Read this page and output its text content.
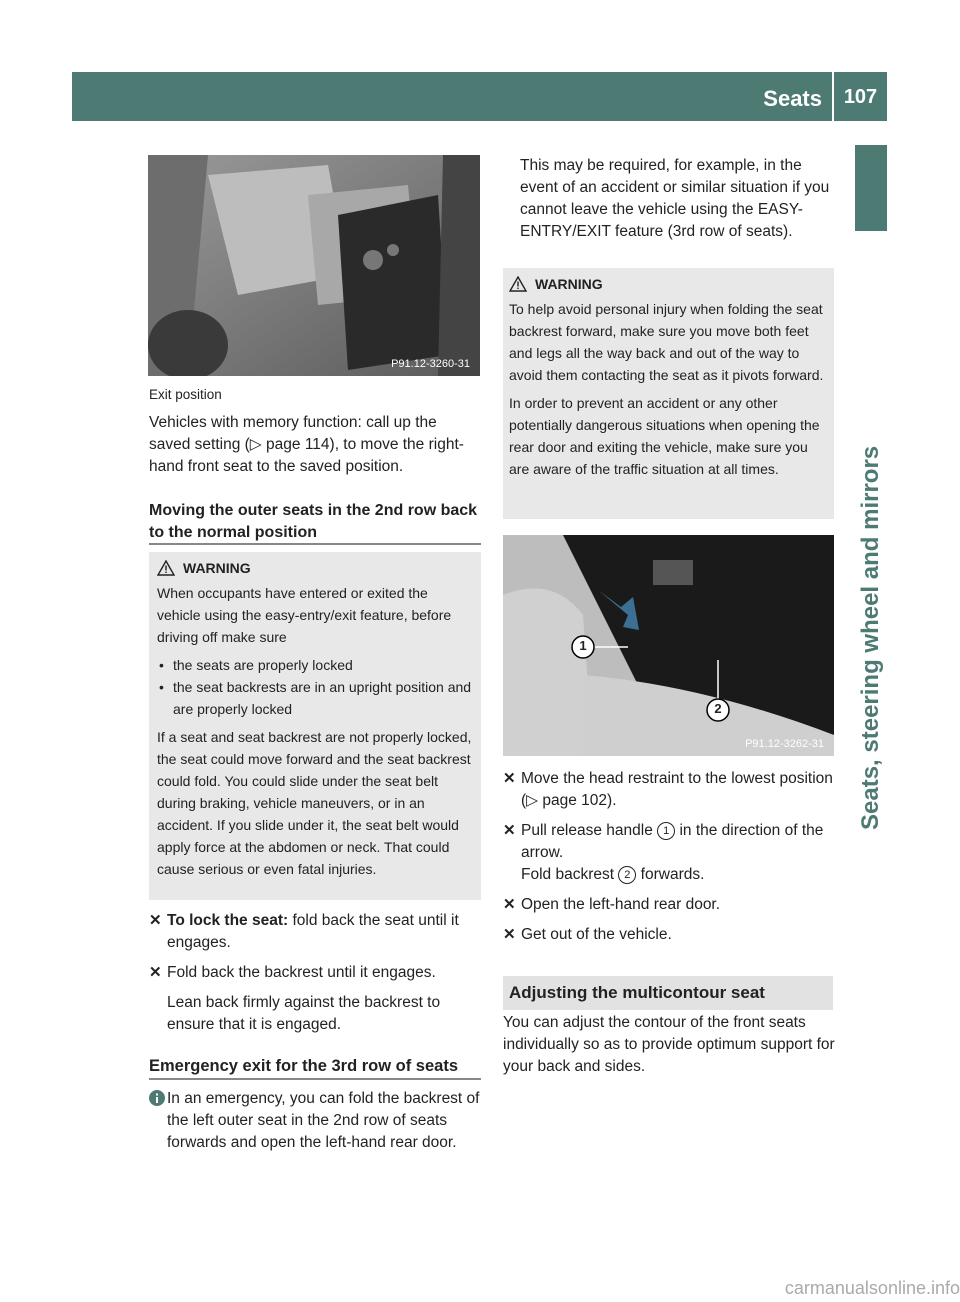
Seats 107
Seats, steering wheel and mirrors
P91.12-3260-31
Exit position
Vehicles with memory function: call up the saved setting (▷ page 114), to move the right-hand front seat to the saved position.
Moving the outer seats in the 2nd row back to the normal position
WARNING

When occupants have entered or exited the vehicle using the easy-entry/exit feature, before driving off make sure

• the seats are properly locked
• the seat backrests are in an upright position and are properly locked

If a seat and seat backrest are not properly locked, the seat could move forward and the seat backrest could fold. You could slide under the seat belt during braking, vehicle maneuvers, or in an accident. If you slide under it, the seat belt would apply force at the abdomen or neck. That could cause serious or even fatal injuries.

✕ To lock the seat: fold back the seat until it engages.
✕ Fold back the backrest until it engages.
Lean back firmly against the backrest to ensure that it is engaged.
Emergency exit for the 3rd row of seats
In an emergency, you can fold the backrest of the left outer seat in the 2nd row of seats forwards and open the left-hand rear door.
This may be required, for example, in the event of an accident or similar situation if you cannot leave the vehicle using the EASY-ENTRY/EXIT feature (3rd row of seats).
WARNING

To help avoid personal injury when folding the seat backrest forward, make sure you move both feet and legs all the way back and out of the way to avoid them contacting the seat as it pivots forward.

In order to prevent an accident or any other potentially dangerous situations when opening the rear door and exiting the vehicle, make sure you are aware of the traffic situation at all times.

1
2
P91.12-3262-31
✕ Move the head restraint to the lowest position (▷ page 102).
✕ Pull release handle 1 in the direction of the arrow.
Fold backrest 2 forwards.
✕ Open the left-hand rear door.
✕ Get out of the vehicle.
Adjusting the multicontour seat
You can adjust the contour of the front seats individually so as to provide optimum support for your back and sides.
carmanualsonline.info
